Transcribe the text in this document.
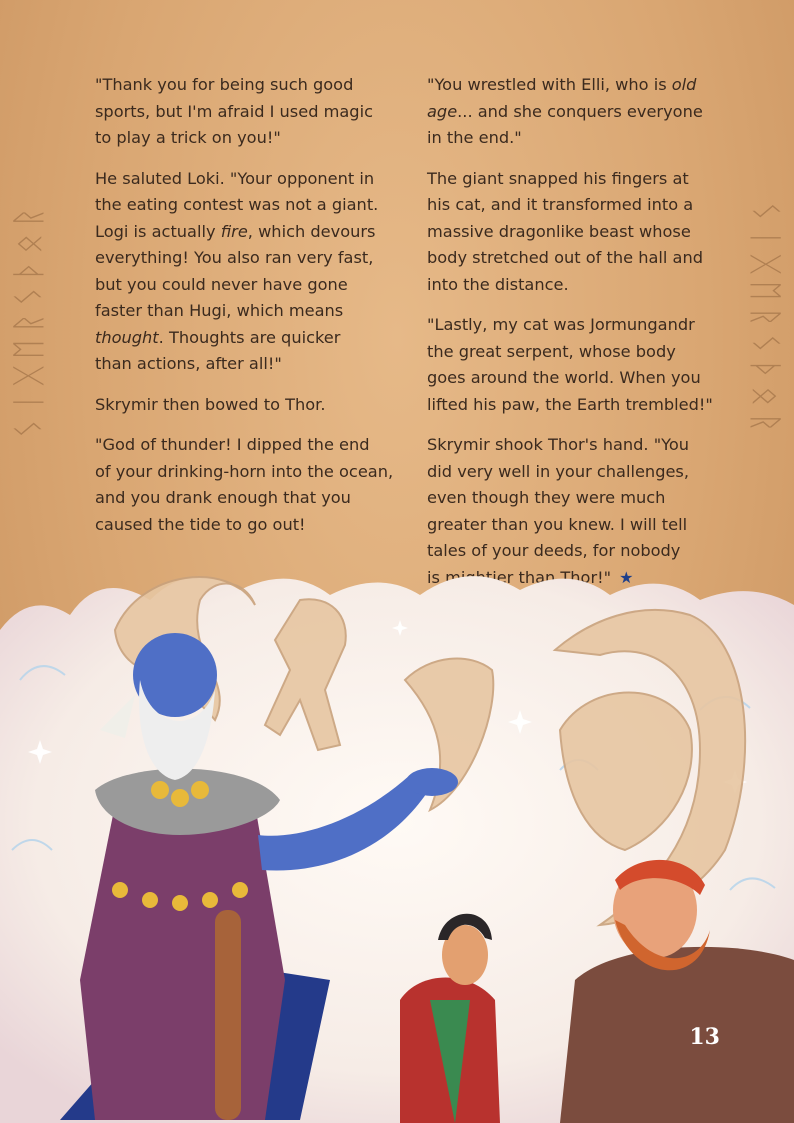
ᛊᛁᚷᛖᚱᛊᚦᛟᚱ	ᛊᛁᚷᛖᚱᛊᚦᛟᚱ

"Thank you for being such good
sports, but I'm afraid I used magic
to play a trick on you!"

He saluted Loki. "Your opponent in
the eating contest was not a giant.
Logi is actually fire, which devours
everything! You also ran very fast,
but you could never have gone
faster than Hugi, which means
thought. Thoughts are quicker
than actions, after all!"

Skrymir then bowed to Thor.

"God of thunder! I dipped the end
of your drinking-horn into the ocean,
and you drank enough that you
caused the tide to go out!

"You wrestled with Elli, who is old
age... and she conquers everyone
in the end."

The giant snapped his fingers at
his cat, and it transformed into a
massive dragonlike beast whose
body stretched out of the hall and
into the distance.

"Lastly, my cat was Jormungandr
the great serpent, whose body
goes around the world. When you
lifted his paw, the Earth trembled!"

Skrymir shook Thor's hand. "You
did very well in your challenges,
even though they were much
greater than you knew. I will tell
tales of your deeds, for nobody
is than Thor!" ★

13
